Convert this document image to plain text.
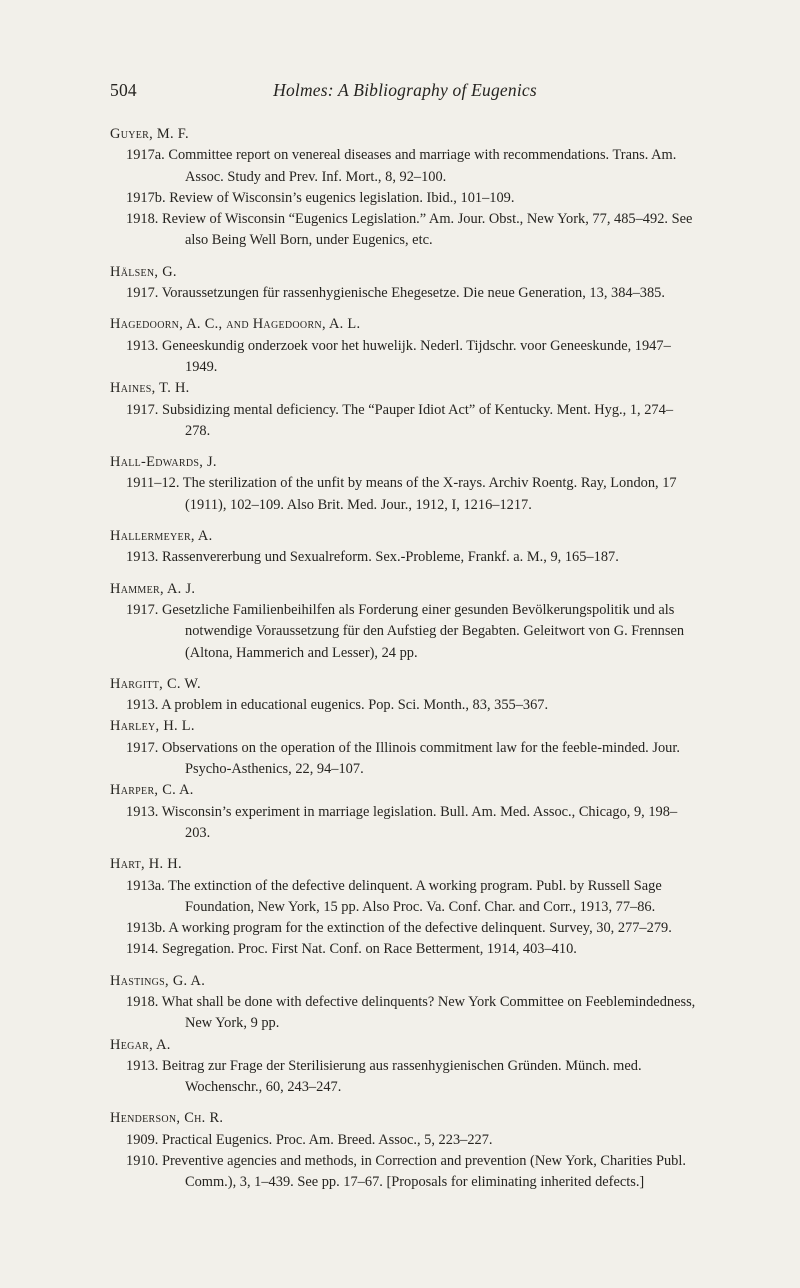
504	Holmes: A Bibliography of Eugenics
Guyer, M. F.
1917a. Committee report on venereal diseases and marriage with recommendations. Trans. Am. Assoc. Study and Prev. Inf. Mort., 8, 92–100.
1917b. Review of Wisconsin’s eugenics legislation. Ibid., 101–109.
1918. Review of Wisconsin “Eugenics Legislation.” Am. Jour. Obst., New York, 77, 485–492. See also Being Well Born, under Eugenics, etc.
Hälsen, G.
1917. Voraussetzungen für rassenhygienische Ehegesetze. Die neue Generation, 13, 384–385.
Hagedoorn, A. C., and Hagedoorn, A. L.
1913. Geneeskundig onderzoek voor het huwelijk. Nederl. Tijdschr. voor Geneeskunde, 1947–1949.
Haines, T. H.
1917. Subsidizing mental deficiency. The “Pauper Idiot Act” of Kentucky. Ment. Hyg., 1, 274–278.
Hall-Edwards, J.
1911–12. The sterilization of the unfit by means of the X-rays. Archiv Roentg. Ray, London, 17 (1911), 102–109. Also Brit. Med. Jour., 1912, I, 1216–1217.
Hallermeyer, A.
1913. Rassenvererbung und Sexualreform. Sex.-Probleme, Frankf. a. M., 9, 165–187.
Hammer, A. J.
1917. Gesetzliche Familienbeihilfen als Forderung einer gesunden Bevölkerungspolitik und als notwendige Voraussetzung für den Aufstieg der Begabten. Geleitwort von G. Frennsen (Altona, Hammerich and Lesser), 24 pp.
Hargitt, C. W.
1913. A problem in educational eugenics. Pop. Sci. Month., 83, 355–367.
Harley, H. L.
1917. Observations on the operation of the Illinois commitment law for the feeble-minded. Jour. Psycho-Asthenics, 22, 94–107.
Harper, C. A.
1913. Wisconsin’s experiment in marriage legislation. Bull. Am. Med. Assoc., Chicago, 9, 198–203.
Hart, H. H.
1913a. The extinction of the defective delinquent. A working program. Publ. by Russell Sage Foundation, New York, 15 pp. Also Proc. Va. Conf. Char. and Corr., 1913, 77–86.
1913b. A working program for the extinction of the defective delinquent. Survey, 30, 277–279.
1914. Segregation. Proc. First Nat. Conf. on Race Betterment, 1914, 403–410.
Hastings, G. A.
1918. What shall be done with defective delinquents? New York Committee on Feeblemindedness, New York, 9 pp.
Hegar, A.
1913. Beitrag zur Frage der Sterilisierung aus rassenhygienischen Gründen. Münch. med. Wochenschr., 60, 243–247.
Henderson, Ch. R.
1909. Practical Eugenics. Proc. Am. Breed. Assoc., 5, 223–227.
1910. Preventive agencies and methods, in Correction and prevention (New York, Charities Publ. Comm.), 3, 1–439. See pp. 17–67. [Proposals for eliminating inherited defects.]
